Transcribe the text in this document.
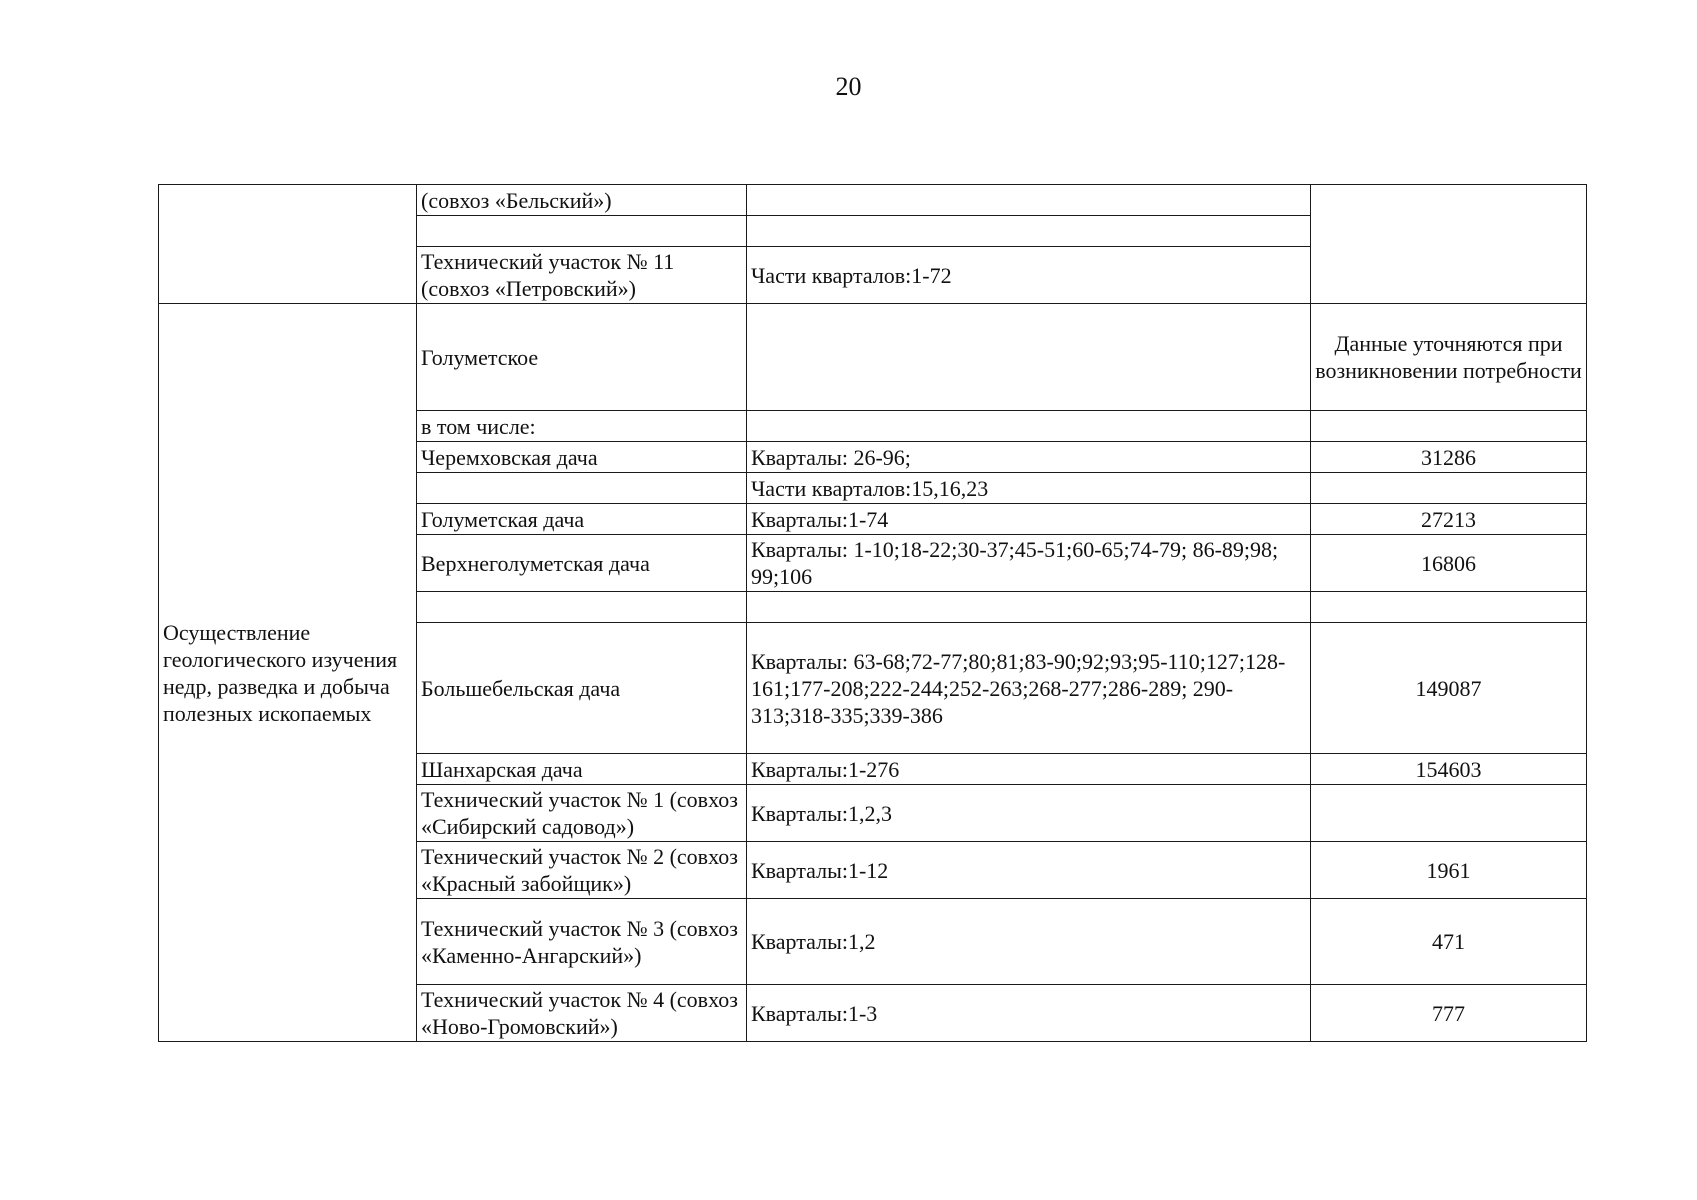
20
	(совхоз «Бельский»)		

	Технический участок № 11 (совхоз «Петровский»)	Части кварталов:1-72	
Осуществление геологического изучения недр, разведка и добыча полезных ископаемых	Голуметское		Данные уточняются при возникновении потребности
	в том числе:		
	Черемховская дача	Кварталы: 26-96;	31286
		Части кварталов:15,16,23	
	Голуметская дача	Кварталы:1-74	27213
	Верхнеголуметская дача	Кварталы: 1-10;18-22;30-37;45-51;60-65;74-79; 86-89;98; 99;106	16806

	Большебельская дача	Кварталы: 63-68;72-77;80;81;83-90;92;93;95-110;127;128-161;177-208;222-244;252-263;268-277;286-289; 290-313;318-335;339-386	149087
	Шанхарская дача	Кварталы:1-276	154603
	Технический участок № 1 (совхоз «Сибирский садовод»)	Кварталы:1,2,3	
	Технический участок № 2 (совхоз «Красный забойщик»)	Кварталы:1-12	1961
	Технический участок № 3 (совхоз «Каменно-Ангарский»)	Кварталы:1,2	471
	Технический участок № 4 (совхоз «Ново-Громовский»)	Кварталы:1-3	777
